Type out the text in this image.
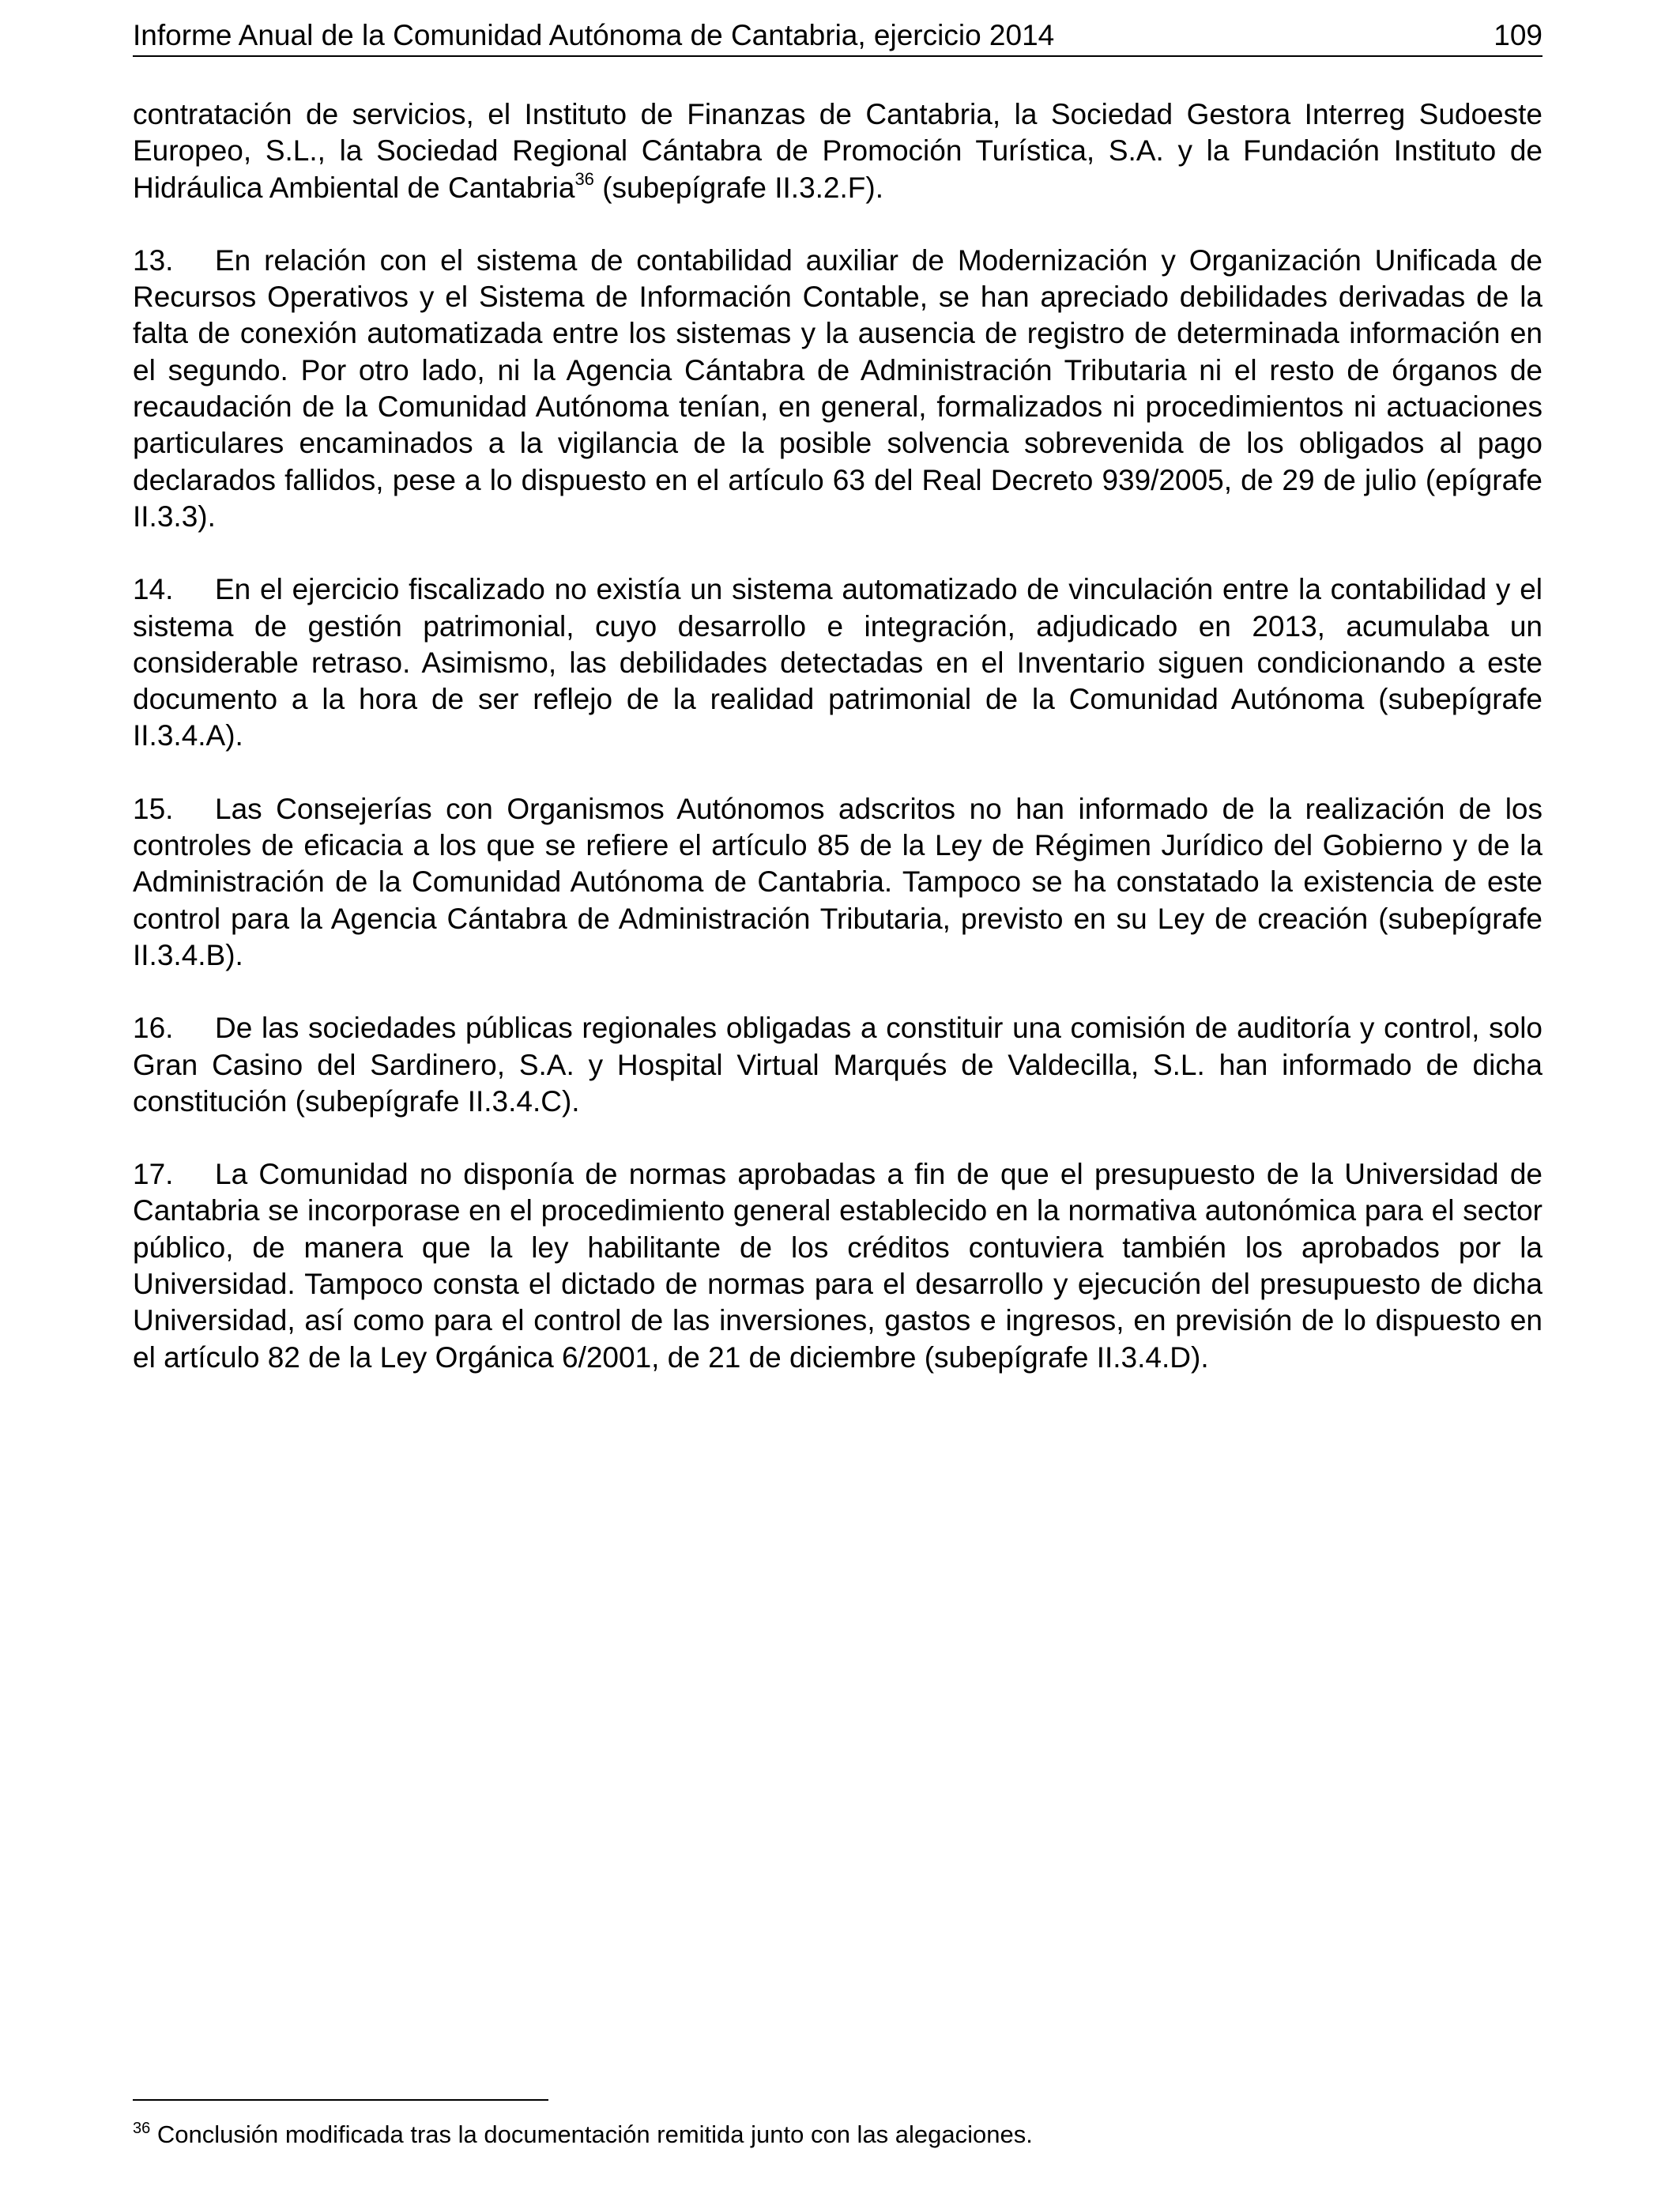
Informe Anual de la Comunidad Autónoma de Cantabria, ejercicio 2014	109

contratación de servicios, el Instituto de Finanzas de Cantabria, la Sociedad Gestora Interreg Sudoeste Europeo, S.L., la Sociedad Regional Cántabra de Promoción Turística, S.A. y la Fundación Instituto de Hidráulica Ambiental de Cantabria$^{36}$ (subepígrafe II.3.2.F).

13. En relación con el sistema de contabilidad auxiliar de Modernización y Organización Unificada de Recursos Operativos y el Sistema de Información Contable, se han apreciado debilidades derivadas de la falta de conexión automatizada entre los sistemas y la ausencia de registro de determinada información en el segundo. Por otro lado, ni la Agencia Cántabra de Administración Tributaria ni el resto de órganos de recaudación de la Comunidad Autónoma tenían, en general, formalizados ni procedimientos ni actuaciones particulares encaminados a la vigilancia de la posible solvencia sobrevenida de los obligados al pago declarados fallidos, pese a lo dispuesto en el artículo 63 del Real Decreto 939/2005, de 29 de julio (epígrafe II.3.3).

14. En el ejercicio fiscalizado no existía un sistema automatizado de vinculación entre la contabilidad y el sistema de gestión patrimonial, cuyo desarrollo e integración, adjudicado en 2013, acumulaba un considerable retraso. Asimismo, las debilidades detectadas en el Inventario siguen condicionando a este documento a la hora de ser reflejo de la realidad patrimonial de la Comunidad Autónoma (subepígrafe II.3.4.A).

15. Las Consejerías con Organismos Autónomos adscritos no han informado de la realización de los controles de eficacia a los que se refiere el artículo 85 de la Ley de Régimen Jurídico del Gobierno y de la Administración de la Comunidad Autónoma de Cantabria. Tampoco se ha constatado la existencia de este control para la Agencia Cántabra de Administración Tributaria, previsto en su Ley de creación (subepígrafe II.3.4.B).

16. De las sociedades públicas regionales obligadas a constituir una comisión de auditoría y control, solo Gran Casino del Sardinero, S.A. y Hospital Virtual Marqués de Valdecilla, S.L. han informado de dicha constitución (subepígrafe II.3.4.C).

17. La Comunidad no disponía de normas aprobadas a fin de que el presupuesto de la Universidad de Cantabria se incorporase en el procedimiento general establecido en la normativa autonómica para el sector público, de manera que la ley habilitante de los créditos contuviera también los aprobados por la Universidad. Tampoco consta el dictado de normas para el desarrollo y ejecución del presupuesto de dicha Universidad, así como para el control de las inversiones, gastos e ingresos, en previsión de lo dispuesto en el artículo 82 de la Ley Orgánica 6/2001, de 21 de diciembre (subepígrafe II.3.4.D).

$^{36}$ Conclusión modificada tras la documentación remitida junto con las alegaciones.
